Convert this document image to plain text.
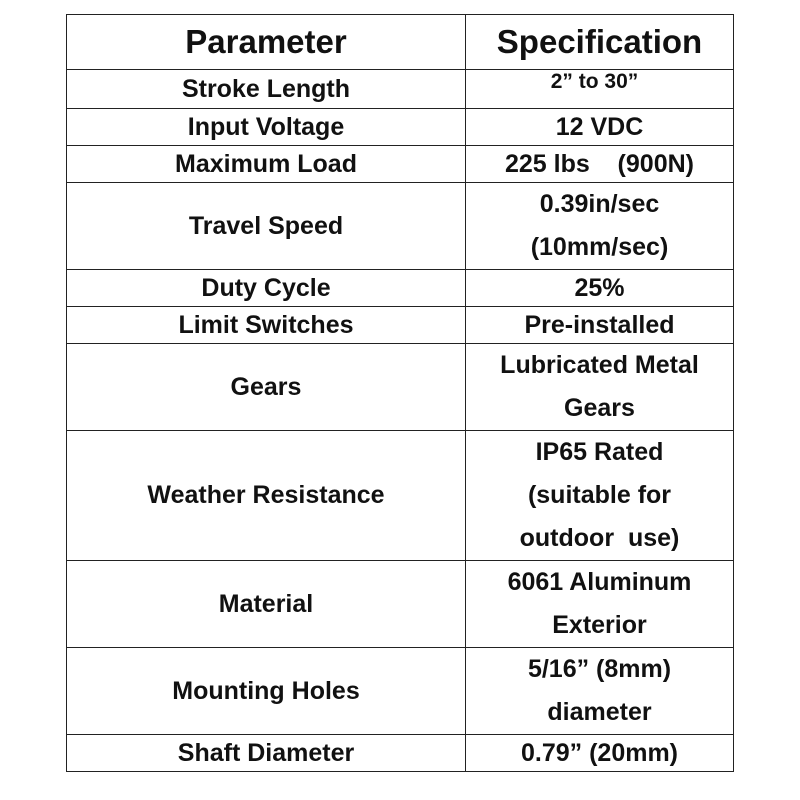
Parameter	Specification
Stroke Length	2” to 30”

Input Voltage	12 VDC

Maximum Load	225 lbs    (900N)

Travel Speed	0.39in/sec
(10mm/sec)

Duty Cycle	25%

Limit Switches	Pre-installed

Gears	Lubricated Metal
Gears

Weather Resistance	IP65 Rated
(suitable for
outdoor  use)

Material	6061 Aluminum
Exterior

Mounting Holes	5/16” (8mm)
diameter

Shaft Diameter	0.79” (20mm)
